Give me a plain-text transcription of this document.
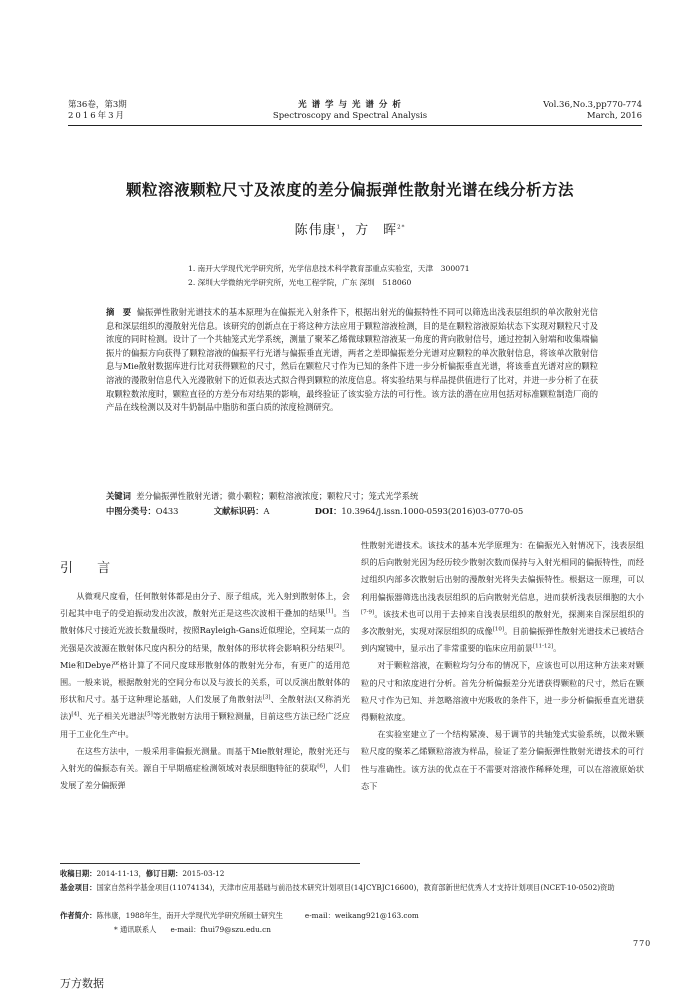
第36卷，第3期
2016年3月
光 谱 学 与 光 谱 分 析
Spectroscopy and Spectral Analysis
Vol.36,No.3,pp770-774
March, 2016
颗粒溶液颗粒尺寸及浓度的差分偏振弹性散射光谱在线分析方法
陈伟康$^1$，方　晖$^{2*}$
1. 南开大学现代光学研究所，光学信息技术科学教育部重点实验室，天津　300071
2. 深圳大学微纳光学研究所，光电工程学院，广东 深圳　518060
摘　要 偏振弹性散射光谱技术的基本原理为在偏振光入射条件下，根据出射光的偏振特性不同可以筛选出浅表层组织的单次散射光信息和深层组织的漫散射光信息。该研究的创新点在于将这种方法应用于颗粒溶液检测，目的是在颗粒溶液原始状态下实现对颗粒尺寸及浓度的同时检测。设计了一个共轴笼式光学系统，测量了聚苯乙烯微球颗粒溶液某一角度的背向散射信号，通过控制入射端和收集端偏振片的偏振方向获得了颗粒溶液的偏振平行光谱与偏振垂直光谱，两者之差即偏振差分光谱对应颗粒的单次散射信息，将该单次散射信息与Mie散射数据库进行比对获得颗粒的尺寸，然后在颗粒尺寸作为已知的条件下进一步分析偏振垂直光谱，将该垂直光谱对应的颗粒溶液的漫散射信息代入光漫散射下的近似表达式拟合得到颗粒的浓度信息。将实验结果与样品提供值进行了比对，并进一步分析了在获取颗粒数浓度时，颗粒直径的方差分布对结果的影响，最终验证了该实验方法的可行性。该方法的潜在应用包括对标准颗粒制造厂商的产品在线检测以及对牛奶制品中脂肪和蛋白质的浓度检测研究。
关键词 差分偏振弹性散射光谱；微小颗粒；颗粒溶液浓度；颗粒尺寸；笼式光学系统
中图分类号：O433	文献标识码：A	DOI：10.3964/j.issn.1000-0593(2016)03-0770-05
引 言

从微观尺度看，任何散射体都是由分子、原子组成，光入射到散射体上，会引起其中电子的受迫振动发出次波，散射光正是这些次波相干叠加的结果[1]。当散射体尺寸接近光波长数量级时，按照Rayleigh-Gans近似理论，空间某一点的光强是次波源在散射体尺度内积分的结果，散射体的形状将会影响积分结果[2]。Mie和Debye严格计算了不同尺度球形散射体的散射光分布，有更广的适用范围。一般来说，根据散射光的空间分布以及与波长的关系，可以反演出散射体的形状和尺寸。基于这种理论基础，人们发展了角散射法[3]、全散射法(又称消光法)[4]、光子相关光谱法[5]等光散射方法用于颗粒测量，目前这些方法已经广泛应用于工业化生产中。

在这些方法中，一般采用非偏振光测量。而基于Mie散射理论，散射光还与入射光的偏振态有关。源自于早期癌症检测领域对表层细胞特征的获取[6]，人们发展了差分偏振弹

性散射光谱技术。该技术的基本光学原理为：在偏振光入射情况下，浅表层组织的后向散射光因为经历较少散射次数而保持与入射光相同的偏振特性，而经过组织内部多次散射后出射的漫散射光将失去偏振特性。根据这一原理，可以利用偏振器筛选出浅表层组织的后向散射光信息，进而获析浅表层细胞的大小[7-9]。该技术也可以用于去掉来自浅表层组织的散射光，探测来自深层组织的多次散射光，实现对深层组织的成像[10]。目前偏振弹性散射光谱技术已被结合到内窥镜中，显示出了非常重要的临床应用前景[11-12]。

对于颗粒溶液，在颗粒均匀分布的情况下，应该也可以用这种方法来对颗粒的尺寸和浓度进行分析。首先分析偏振差分光谱获得颗粒的尺寸，然后在颗粒尺寸作为已知、并忽略溶液中光吸收的条件下，进一步分析偏振垂直光谱获得颗粒浓度。

在实验室建立了一个结构紧凑、易于调节的共轴笼式实验系统，以微米颗粒尺度的聚苯乙烯颗粒溶液为样品，验证了差分偏振弹性散射光谱技术的可行性与准确性。该方法的优点在于不需要对溶液作稀释处理，可以在溶液原始状态下

收稿日期：2014-11-13，修订日期：2015-03-12
基金项目：国家自然科学基金项目(11074134)，天津市应用基础与前沿技术研究计划项目(14JCYBJC16600)，教育部新世纪优秀人才支持计划项目(NCET-10-0502)资助
作者简介：陈伟康，1988年生，南开大学现代光学研究所硕士研究生	e-mail：weikang921@163.com
* 通讯联系人 e-mail：fhui79@szu.edu.cn
770
万方数据
